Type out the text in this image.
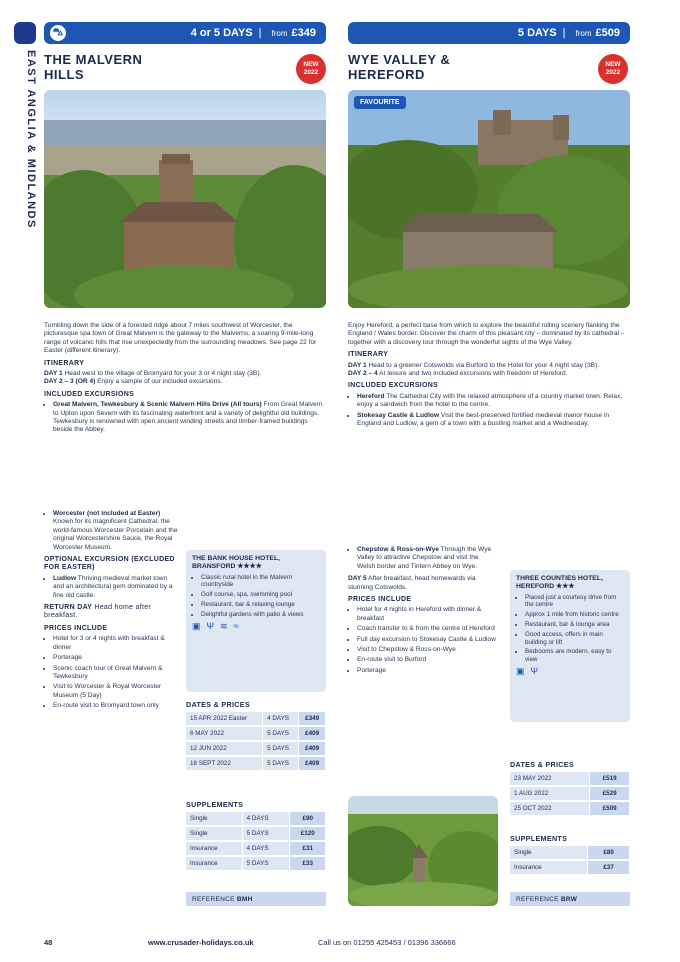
EAST ANGLIA & MIDLANDS
⛍	4 or 5 DAYS | from £349
THE MALVERN HILLS
NEW
2022

Tumbling down the side of a forested ridge about 7 miles southwest of Worcester, the picturesque spa town of Great Malvern is the gateway to the Malverns, a soaring 9-mile-long range of volcanic hills that rise unexpectedly from the surrounding meadows. See page 22 for Easter (different itinerary).

ITINERARY
DAY 1 Head west to the village of Bromyard for your 3 or 4 night stay (3B).
DAY 2 – 3 (OR 4) Enjoy a sample of our included excursions.
INCLUDED EXCURSIONS
• Great Malvern, Tewkesbury & Scenic Malvern Hills Drive (All tours) From Great Malvern to Upton upon Severn with its fascinating waterfront and a variety of delightful old buildings. Tewkesbury is renowned with open ancient winding streets and timber-framed buildings beside the Abbey.
• Worcester (not included at Easter) Known for its magnificent Cathedral, the world-famous Worcester Porcelain and the original Worcestershire Sauce, the Royal Worcester Museum.
OPTIONAL EXCURSION (EXCLUDED FOR EASTER)
• Ludlow Thriving medieval market town and an architectural gem dominated by a fine old castle.
RETURN DAY Head home after breakfast.
PRICES INCLUDE
• Hotel for 3 or 4 nights with breakfast & dinner
• Porterage
• Scenic coach tour of Great Malvern & Tewkesbury
• Visit to Worcester & Royal Worcester Museum (5 Day)
• En-route visit to Bromyard town only
THE BANK HOUSE HOTEL, BRANSFORD ★★★★
• Classic rural hotel in the Malvern countryside
• Golf course, spa, swimming pool
• Restaurant, bar & relaxing lounge
• Delightful gardens with patio & views
▣ Ψ ≋ ≈
DATES & PRICES
15 APR 2022 Easter	4 DAYS	£349
6 MAY 2022	5 DAYS	£409
12 JUN 2022	5 DAYS	£409
18 SEPT 2022	5 DAYS	£409
SUPPLEMENTS
Single	4 DAYS	£90
Single	5 DAYS	£120
Insurance	4 DAYS	£31
Insurance	5 DAYS	£33
REFERENCE
BMH
5 DAYS | from £509
WYE VALLEY & HEREFORD
NEW
2022
FAVOURITE

Enjoy Hereford, a perfect base from which to explore the beautiful rolling scenery flanking the England / Wales border. Discover the charm of this pleasant city – dominated by its cathedral – together with a discovery tour through the wonderful sights of the Wye Valley.

ITINERARY
DAY 1 Head to a greener Cotswolds via Burford to the Hotel for your 4 night stay (3B).
DAY 2 – 4 At leisure and two included excursions with freedom of Hereford.
INCLUDED EXCURSIONS
• Hereford The Cathedral City with the relaxed atmosphere of a country market town. Relax, enjoy a sandwich from the hotel to the centre.
• Stokesay Castle & Ludlow Visit the best-preserved fortified medieval manor house in England and Ludlow, a gem of a town with a bustling market and a Wednesday.
• Chepstow & Ross-on-Wye Through the Wye Valley to attractive Chepstow and visit the Welsh border and Tintern Abbey on Wye.
DAY 5 After breakfast, head homewards via stunning Cotswolds.
PRICES INCLUDE
• Hotel for 4 nights in Hereford with dinner & breakfast
• Coach transfer to & from the centre of Hereford
• Full day excursion to Stokesay Castle & Ludlow
• Visit to Chepstow & Ross-on-Wye
• En-route visit to Burford
• Porterage
THREE COUNTIES HOTEL, HEREFORD ★★★
• Placed just a courtesy drive from the centre
• Approx 1 mile from historic centre
• Restaurant, bar & lounge area
• Good access, offers in main building or lift
• Bedrooms are modern, easy to view
▣ Ψ
DATES & PRICES
23 MAY 2022	£519
1 AUG 2022	£529
25 OCT 2022	£509
SUPPLEMENTS
Single	£80
Insurance	£37
REFERENCE
BRW
48	www.crusader-holidays.co.uk	Call us on 01255 425453 / 01396 336666
